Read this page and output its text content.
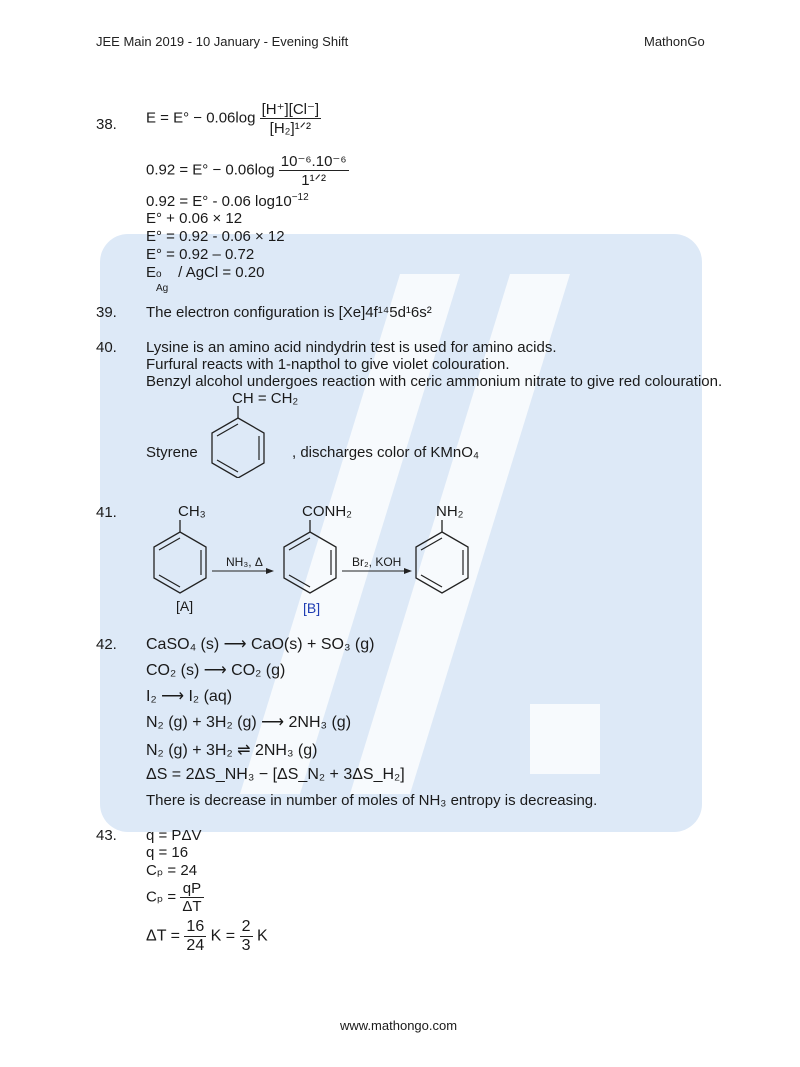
JEE Main 2019 - 10 January - Evening Shift	MathonGo
38. $E = E^\circ - 0.06\log \frac{[H^+][Cl^-]}{\text{[H₂]¹ᐟ²}}$
$0.92 = E^\circ - 0.06\log \frac{\text{10⁻⁶.10⁻⁶}}{\text{1¹ᐟ²}}$
0.92 = E° - 0.06 $\log 10^{-12}$
E° + 0.06 × 12
E° = 0.92 - 0.06 × 12
E° = 0.92 – 0.72
E o
Ag
/ AgCl = 0.20
39. The electron configuration is [Xe]4f¹⁴5d¹6s²
40. Lysine is an amino acid nindydrin test is used for amino acids.
Furfural reacts with 1-napthol to give violet colouration.
Benzyl alcohol undergoes reaction with ceric ammonium nitrate to give red colouration.
CH = CH₂
Styrene	, discharges color of KMnO₄
41.	CH₃
NH₃, Δ
[A]
CONH₂
Br₂, KOH
[B]
NH₂
42. CaSO₄ (s) ⟶ CaO(s) + SO₃ (g)
CO₂ (s) ⟶ CO₂ (g)
I₂ ⟶ I₂ (aq)
N₂ (g) + 3H₂ (g) ⟶ 2NH₃ (g)
N₂ (g) + 3H₂ ⇌ 2NH₃ (g)
ΔS = 2ΔS_NH₃ − [ΔS_N₂ + 3ΔS_H₂]
There is decrease in number of moles of NH₃ entropy is decreasing.
43. q = PΔV
q = 16
Cₚ = 24
$C_p = \frac{qP}{\Delta T}$
$\Delta T = \frac{16}{24}$ $K = \frac{2}{3}$ K
www.mathongo.com
